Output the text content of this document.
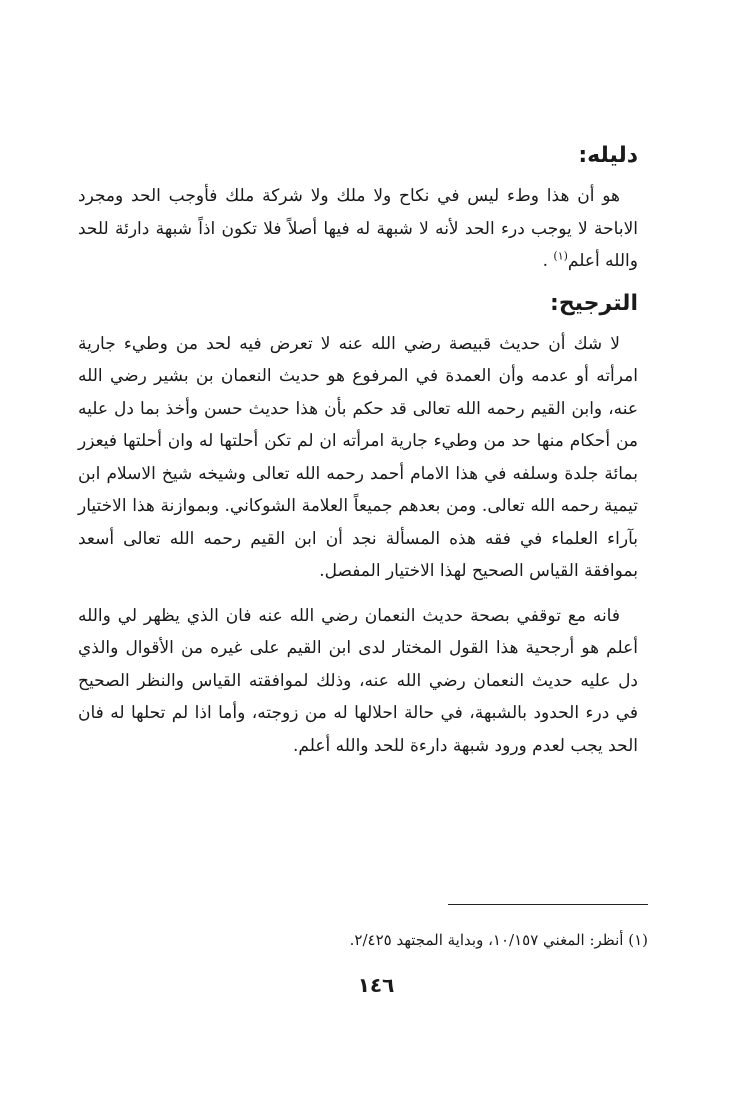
دليله:

هو أن هذا وطء ليس في نكاح ولا ملك ولا شركة ملك فأوجب الحد ومجرد الاباحة لا يوجب درء الحد لأنه لا شبهة له فيها أصلاً فلا تكون اذاً شبهة دارئة للحد والله أعلم$^{(١)}$ .

الترجيح:

لا شك أن حديث قبيصة رضي الله عنه لا تعرض فيه لحد من وطيء جارية امرأته أو عدمه وأن العمدة في المرفوع هو حديث النعمان بن بشير رضي الله عنه، وابن القيم رحمه الله تعالى قد حكم بأن هذا حديث حسن وأخذ بما دل عليه من أحكام منها حد من وطيء جارية امرأته ان لم تكن أحلتها له وان أحلتها فيعزر بمائة جلدة وسلفه في هذا الامام أحمد رحمه الله تعالى وشيخه شيخ الاسلام ابن تيمية رحمه الله تعالى. ومن بعدهم جميعاً العلامة الشوكاني. وبموازنة هذا الاختيار بآراء العلماء في فقه هذه المسألة نجد أن ابن القيم رحمه الله تعالى أسعد بموافقة القياس الصحيح لهذا الاختيار المفصل.

فانه مع توقفي بصحة حديث النعمان رضي الله عنه فان الذي يظهر لي والله أعلم هو أرجحية هذا القول المختار لدى ابن القيم على غيره من الأقوال والذي دل عليه حديث النعمان رضي الله عنه، وذلك لموافقته القياس والنظر الصحيح في درء الحدود بالشبهة، في حالة احلالها له من زوجته، وأما اذا لم تحلها له فان الحد يجب لعدم ورود شبهة دارءة للحد والله أعلم.

(١) أنظر: المغني ١٠/١٥٧، وبداية المجتهد ٢/٤٢٥.
١٤٦
